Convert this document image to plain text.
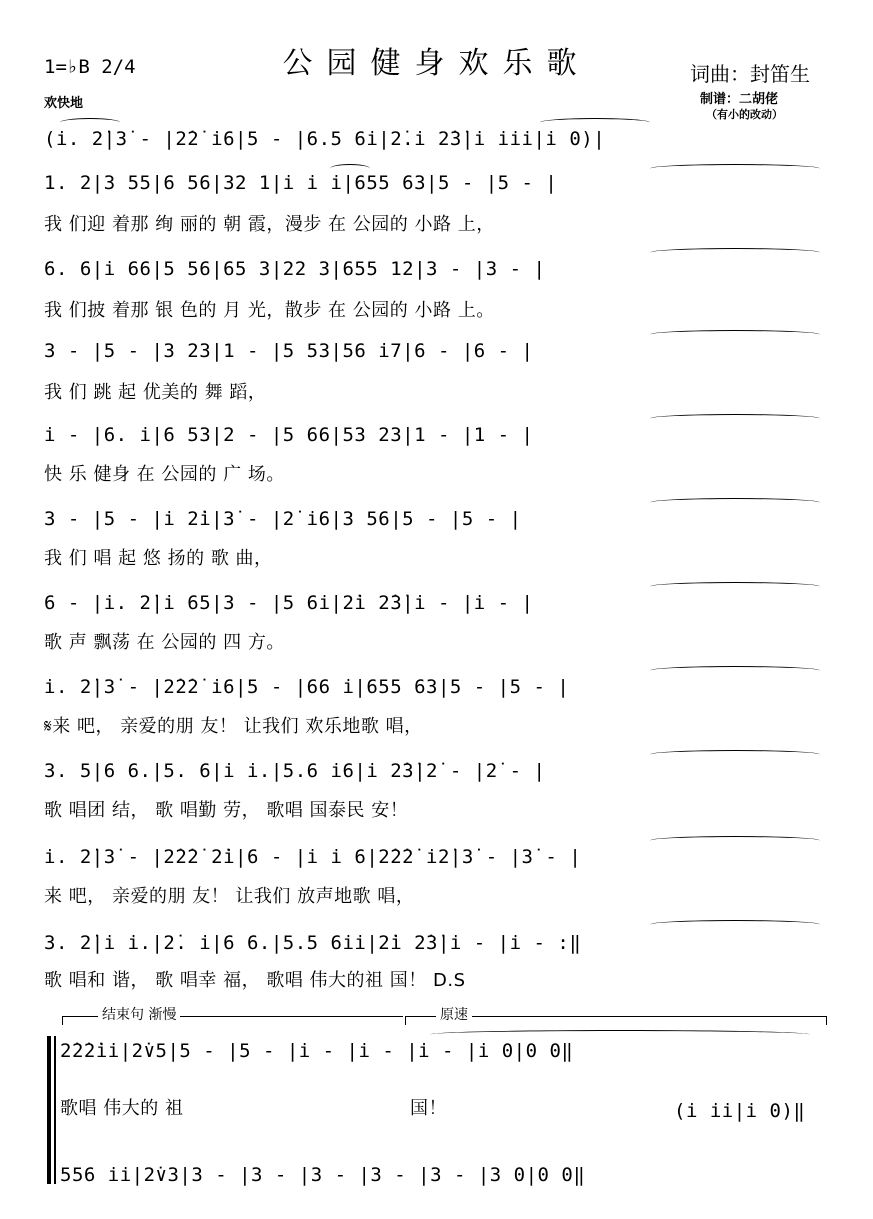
公园健身欢乐歌
1=♭B 2/4
欢快地
词曲：封笛生
制谱：二胡佬
（有小的改动）
(i. 2̇|3̇ - |2̇2̇ i6|5 - |6.5 6i|2̇.i 2̇3̇|i iii|i 0)|
1. 2|3 55|6 56|32 1|i i i|655 63|5 - |5 - |
我 们迎 着那 绚 丽的 朝 霞，漫步 在 公园的 小路 上，
6. 6|i 66|5 56|65 3|22 3|655 12|3 - |3 - |
我 们披 着那 银 色的 月 光，散步 在 公园的 小路 上。
3 - |5 - |3 23|1 - |5 53|56 i7|6 - |6 - |
我 们 跳 起 优美的 舞 蹈，
i - |6. i|6 53|2 - |5 66|53 23|1 - |1 - |
快 乐 健身 在 公园的 广 场。
3 - |5 - |i 2̇i|3̇ - |2̇ i6|3 56|5 - |5 - |
我 们 唱 起 悠 扬的 歌 曲，
6 - |i. 2̇|i 65|3 - |5 6i|2̇i 2̇3̇|i - |i - |
歌 声 飘荡 在 公园的 四 方。
i. 2̇|3̇ - |2̇2̇2̇ i6|5 - |66 i|655 63|5 - |5 - |
𝄋来 吧， 亲爱的朋 友！ 让我们 欢乐地歌 唱，
3. 5|6 6.|5. 6|i i.|5.6 i6|i 2̇3̇|2̇ - |2̇ - |
歌 唱团 结， 歌 唱勤 劳， 歌唱 国泰民 安！
i. 2̇|3̇ - |2̇2̇2̇ 2̇i|6 - |i i 6|2̇2̇2̇ i2̇|3̇ - |3̇ - |
来 吧， 亲爱的朋 友！ 让我们 放声地歌 唱，
3. 2̇|i i.|2̇. i|6 6.|5.5 6ii|2̇i 2̇3̇|i - |i - :‖
歌 唱和 谐， 歌 唱幸 福， 歌唱 伟大的祖 国！ D.S
结束句 渐慢	原速
2̇2̇2̇ii|2̇∨5|5 - |5 - |i - |i - |i - |i 0|0 0‖
歌唱 伟大的 祖	国！	(i ii|i 0)‖
556 ii|2̇∨3|3 - |3 - |3 - |3 - |3 - |3 0|0 0‖
